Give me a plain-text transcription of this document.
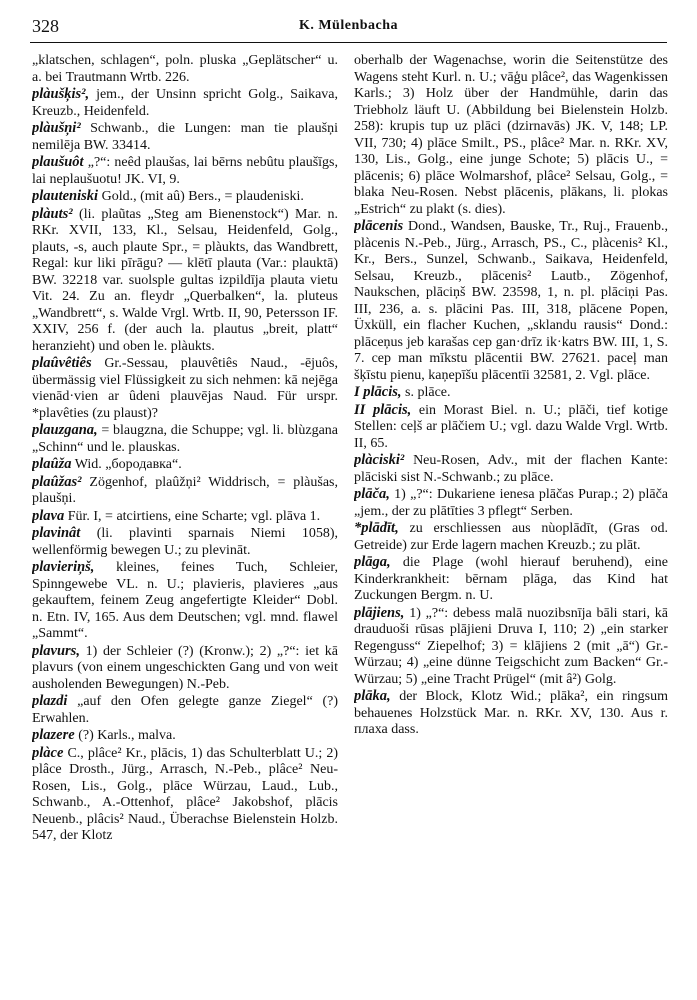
328	K. Mülenbacha

„klatschen, schlagen“, poln. pluska „Geplätscher“ u. a. bei Trautmann Wrtb. 226.

plàušķis², jem., der Unsinn spricht Golg., Saikava, Kreuzb., Heidenfeld.

plàušņi² Schwanb., die Lungen: man tie plaušņi nemilēja BW. 33414.

plaušuôt „?“: neêd plaušas, lai bērns nebûtu plaušīgs, lai neplaušuotu! JK. VI, 9.

plauteniski Gold., (mit aû) Bers., = plaudeniski.

plàuts² (li. plaũtas „Steg am Bienenstock“) Mar. n. RKr. XVII, 133, Kl., Selsau, Heidenfeld, Golg., plauts, -s, auch plaute Spr., = plàukts, das Wandbrett, Regal: kur liki pīrāgu? — klētī plauta (Var.: plauktā) BW. 32218 var. suolsple gultas izpildīja plauta vietu Vit. 24. Zu an. fleydr „Querbalken“, la. pluteus „Wandbrett“, s. Walde Vrgl. Wrtb. II, 90, Petersson IF. XXIV, 256 f. (der auch la. plautus „breit, platt“ heranzieht) und oben le. plàukts.

plaûvêtiês Gr.-Sessau, plauvêtiês Naud., -ējuôs, übermässig viel Flüssigkeit zu sich nehmen: kā nejēga vienād·vien ar ûdeni plauvējas Naud. Für urspr. *plavêties (zu plaust)?

plauzgana, = blaugzna, die Schuppe; vgl. li. blùzgana „Schinn“ und le. plauskas.

plaûža Wid. „бородавка“.

plaûžas² Zögenhof, plaûžņi² Widdrisch, = plàušas, plaušņi.

plava Für. I, = atcirtiens, eine Scharte; vgl. plāva 1.

plavinât (li. plavinti sparnais Niemi 1058), wellenförmig bewegen U.; zu plevināt.

plavieriņš, kleines, feines Tuch, Schleier, Spinngewebe VL. n. U.; plavieris, plavieres „aus gekauftem, feinem Zeug angefertigte Kleider“ Dobl. n. Etn. IV, 165. Aus dem Deutschen; vgl. mnd. flawel „Sammt“.

plavurs, 1) der Schleier (?) (Kronw.); 2) „?“: iet kā plavurs (von einem ungeschickten Gang und von weit ausholenden Bewegungen) N.-Peb.

plazdi „auf den Ofen gelegte ganze Ziegel“ (?) Erwahlen.

plazere (?) Karls., malva.

plàce C., plâce² Kr., plācis, 1) das Schulterblatt U.; 2) plâce Drosth., Jürg., Arrasch, N.-Peb., plâce² Neu-Rosen, Lis., Golg., plāce Würzau, Laud., Lub., Schwanb., A.-Ottenhof, plâce² Jakobshof, plācis Neuenb., plâcis² Naud., Überachse Bielenstein Holzb. 547, der Klotz

oberhalb der Wagenachse, worin die Seitenstütze des Wagens steht Kurl. n. U.; vāģu plâce², das Wagenkissen Karls.; 3) Holz über der Handmühle, darin das Triebholz läuft U. (Abbildung bei Bielenstein Holzb. 258): krupis tup uz plāci (dzirnavās) JK. V, 148; LP. VII, 730; 4) plāce Smilt., PS., plâce² Mar. n. RKr. XV, 130, Lis., Golg., eine junge Schote; 5) plācis U., = plācenis; 6) plāce Wolmarshof, plâce² Selsau, Golg., = blaka Neu-Rosen. Nebst plācenis, plākans, li. plokas „Estrich“ zu plakt (s. dies).

plācenis Dond., Wandsen, Bauske, Tr., Ruj., Frauenb., plàcenis N.-Peb., Jürg., Arrasch, PS., C., plàcenis² Kl., Kr., Bers., Sunzel, Schwanb., Saikava, Heidenfeld, Selsau, Kreuzb., plācenis² Lautb., Zögenhof, Naukschen, plāciņš BW. 23598, 1, n. pl. plāciņi Pas. III, 236, a. s. plācini Pas. III, 318, plācene Popen, Üxküll, ein flacher Kuchen, „sklandu rausis“ Dond.: plāceņus jeb karašas cep gan·drīz ik·katrs BW. III, 1, S. 7. cep man mīkstu plācentii BW. 27621. paceļ man šķīstu pienu, kaņepīšu plācentīi 32581, 2. Vgl. plāce.

I plācis, s. plāce.

II plācis, ein Morast Biel. n. U.; plāči, tief kotige Stellen: ceļš ar plāčiem U.; vgl. dazu Walde Vrgl. Wrtb. II, 65.

plàciski² Neu-Rosen, Adv., mit der flachen Kante: plāciski sist N.-Schwanb.; zu plāce.

plāča, 1) „?“: Dukariene ienesa plāčas Purap.; 2) plāča „jem., der zu plātīties 3 pflegt“ Serben.

*plādīt, zu erschliessen aus nùoplādīt, (Gras od. Getreide) zur Erde lagern machen Kreuzb.; zu plāt.

plāga, die Plage (wohl hierauf beruhend), eine Kinderkrankheit: bērnam plāga, das Kind hat Zuckungen Bergm. n. U.

plājiens, 1) „?“: debess malā nuozibsnīja bāli stari, kā drauduoši rūsas plājieni Druva I, 110; 2) „ein starker Regenguss“ Ziepelhof; 3) = klājiens 2 (mit „ā“) Gr.-Würzau; 4) „eine dünne Teigschicht zum Backen“ Gr.-Würzau; 5) „eine Tracht Prügel“ (mit â²) Golg.

plāka, der Block, Klotz Wid.; plāka², ein ringsum behauenes Holzstück Mar. n. RKr. XV, 130. Aus r. плаха dass.
